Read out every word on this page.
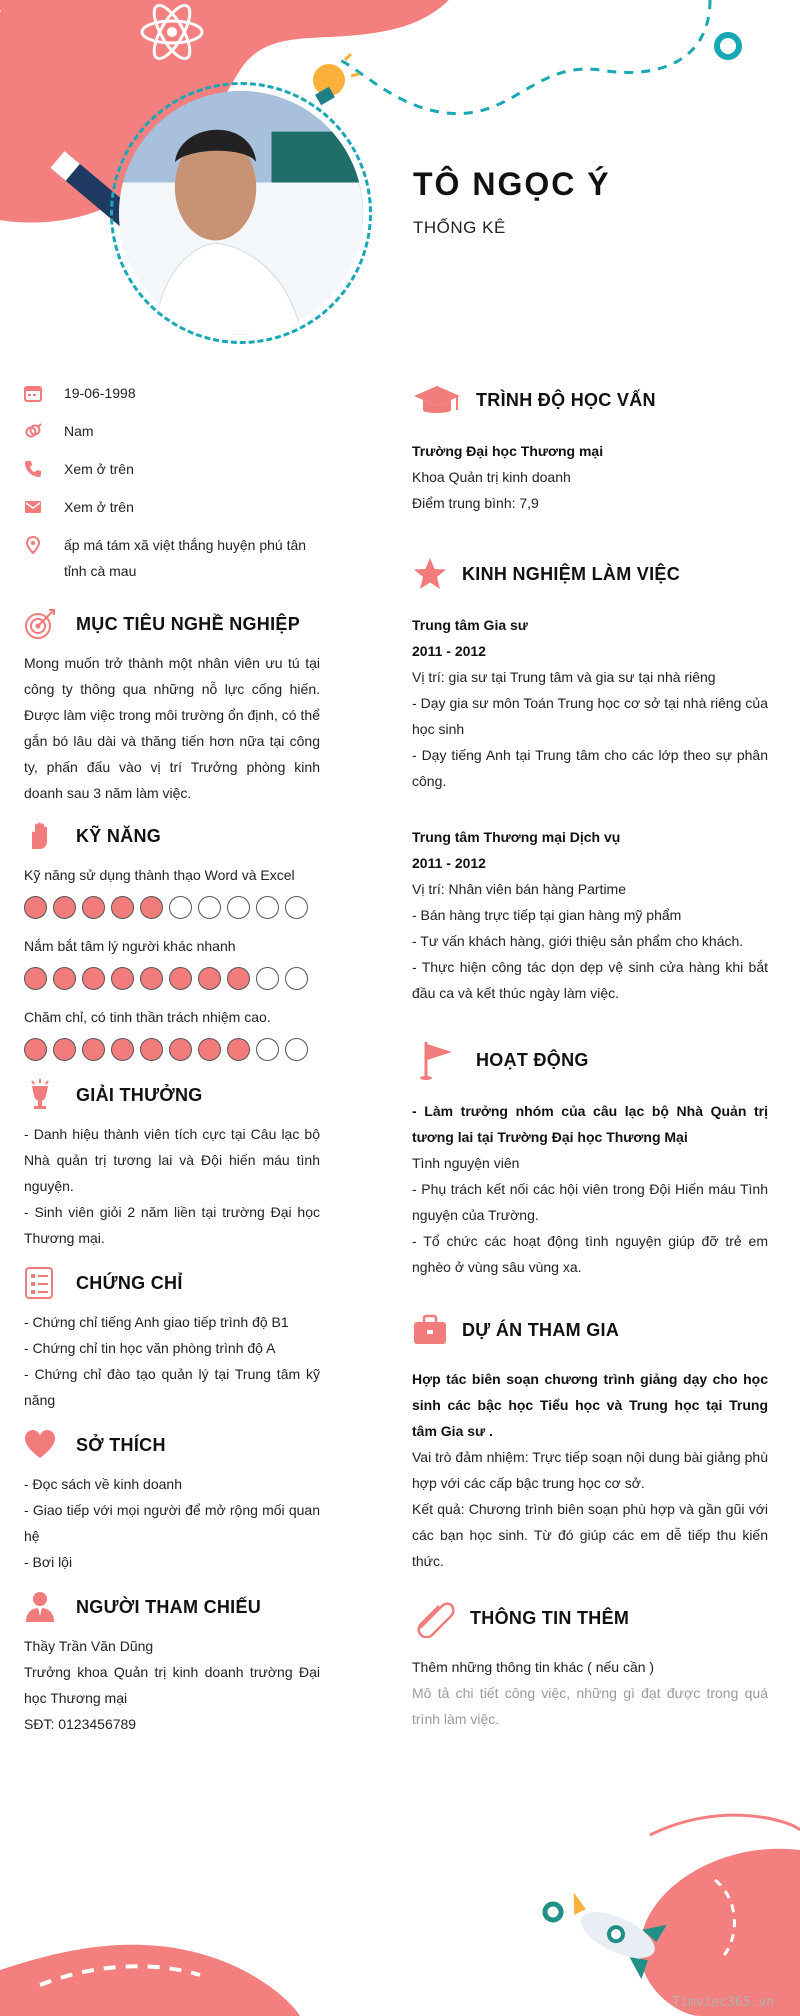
TÔ NGỌC Ý
THỐNG KÊ
19-06-1998
Nam
Xem ở trên
Xem ở trên
ấp má tám xã việt thắng huyện phú tân tỉnh cà mau
MỤC TIÊU NGHỀ NGHIỆP
Mong muốn trở thành một nhân viên ưu tú tại công ty thông qua những nỗ lực cống hiến. Được làm việc trong môi trường ổn định, có thể gắn bó lâu dài và thăng tiến hơn nữa tại công ty, phấn đấu vào vị trí Trưởng phòng kinh doanh sau 3 năm làm việc.
KỸ NĂNG
Kỹ năng sử dụng thành thạo Word và Excel
Nắm bắt tâm lý người khác nhanh
Chăm chỉ, có tinh thần trách nhiệm cao.
GIẢI THƯỞNG
- Danh hiệu thành viên tích cực tại Câu lạc bộ Nhà quản trị tương lai và Đội hiến máu tình nguyện.
- Sinh viên giỏi 2 năm liền tại trường Đại học Thương mại.
CHỨNG CHỈ
- Chứng chỉ tiếng Anh giao tiếp trình độ B1
- Chứng chỉ tin học văn phòng trình độ A
- Chứng chỉ đào tạo quản lý tại Trung tâm kỹ năng
SỞ THÍCH
- Đọc sách về kinh doanh
- Giao tiếp với mọi người để mở rộng mối quan hệ
- Bơi lội
NGƯỜI THAM CHIẾU
Thầy Trần Văn Dũng
Trưởng khoa Quản trị kinh doanh trường Đại học Thương mại
SĐT: 0123456789
TRÌNH ĐỘ HỌC VẤN
Trường Đại học Thương mại
Khoa Quản trị kinh doanh
Điểm trung bình: 7,9
KINH NGHIỆM LÀM VIỆC
Trung tâm Gia sư
2011 - 2012
Vị trí: gia sư tại Trung tâm và gia sư tại nhà riêng
- Dạy gia sư môn Toán Trung học cơ sở tại nhà riêng của học sinh
- Dạy tiếng Anh tại Trung tâm cho các lớp theo sự phân công.
Trung tâm Thương mại Dịch vụ
2011 - 2012
Vị trí: Nhân viên bán hàng Partime
- Bán hàng trực tiếp tại gian hàng mỹ phẩm
- Tư vấn khách hàng, giới thiệu sản phẩm cho khách.
- Thực hiện công tác dọn dẹp vệ sinh cửa hàng khi bắt đầu ca và kết thúc ngày làm việc.
HOẠT ĐỘNG
- Làm trưởng nhóm của câu lạc bộ Nhà Quản trị tương lai tại Trường Đại học Thương Mại
Tình nguyện viên
- Phụ trách kết nối các hội viên trong Đội Hiến máu Tình nguyện của Trường.
- Tổ chức các hoạt động tình nguyện giúp đỡ trẻ em nghèo ở vùng sâu vùng xa.
DỰ ÁN THAM GIA
Hợp tác biên soạn chương trình giảng dạy cho học sinh các bậc học Tiểu học và Trung học tại Trung tâm Gia sư .
Vai trò đảm nhiệm: Trực tiếp soạn nội dung bài giảng phù hợp với các cấp bậc trung học cơ sở.
Kết quả: Chương trình biên soạn phù hợp và gần gũi với các bạn học sinh. Từ đó giúp các em dễ tiếp thu kiến thức.
THÔNG TIN THÊM
Thêm những thông tin khác ( nếu cần )
Mô tả chi tiết công việc, những gì đạt được trong quá trình làm việc.
Timviec365.vn
